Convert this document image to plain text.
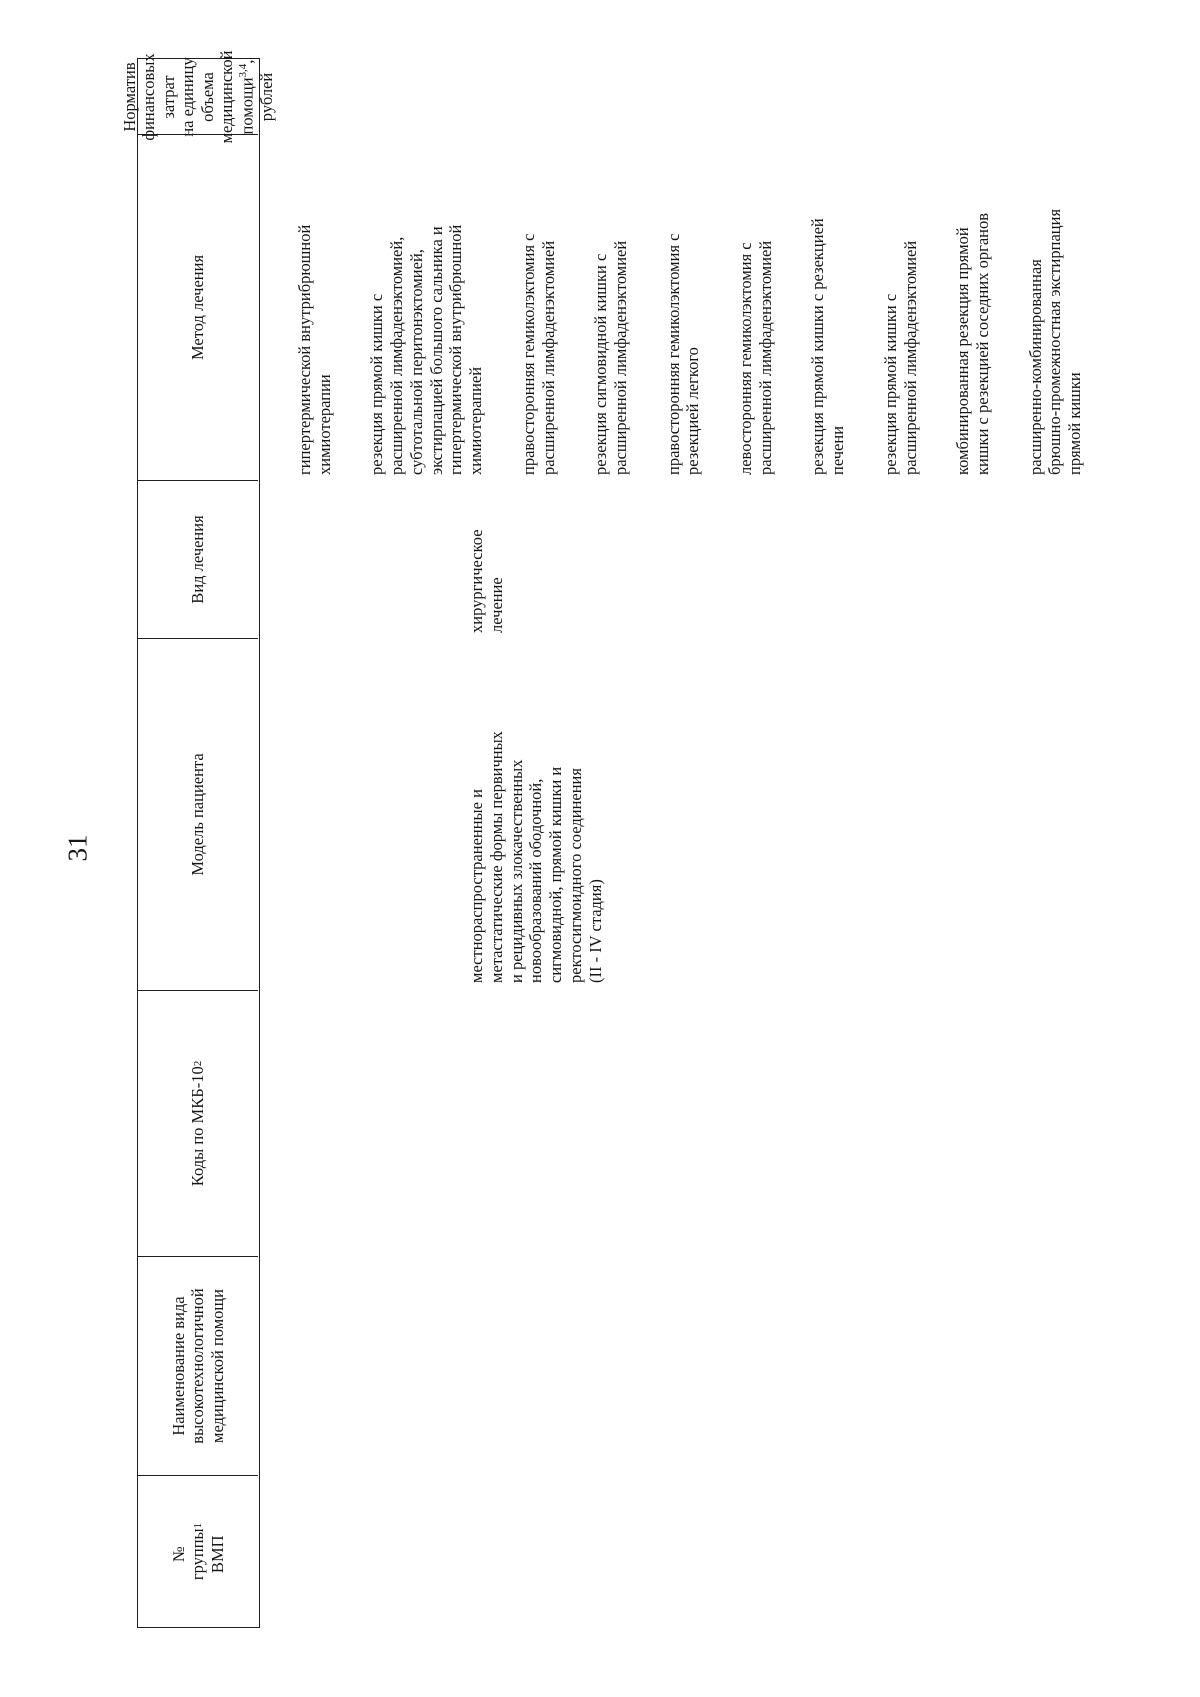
31
№
группы
ВМП
1
Наименование вида
высокотехнологичной
медицинской помощи
Коды по МКБ-10
2
Модель пациента
Вид лечения
Метод лечения
Норматив
финансовых затрат
на единицу объема
медицинской
помощи$^{3,4}$, рублей
местнораспространенные и
метастатические формы первичных
и рецидивных злокачественных
новообразований ободочной,
сигмовидной, прямой кишки и
ректосигмоидного соединения
(II - IV стадия)
хирургическое
лечение

гипертермической внутрибрюшной
химиотерапии резекция прямой кишки с
расширенной лимфаденэктомией,
субтотальной перитонэктомией,
экстирпацией большого сальника и
гипертермической внутрибрюшной
химиотерапией правосторонняя гемиколэктомия с
расширенной лимфаденэктомией

резекция сигмовидной кишки с
расширенной лимфаденэктомией

правосторонняя гемиколэктомия с
резекцией легкого левосторонняя гемиколэктомия с
расширенной лимфаденэктомией

резекция прямой кишки с резекцией
печени резекция прямой кишки с
расширенной лимфаденэктомией

комбинированная резекция прямой
кишки с резекцией соседних органов

расширенно-комбинированная
брюшно-промежностная экстирпация
прямой кишки
